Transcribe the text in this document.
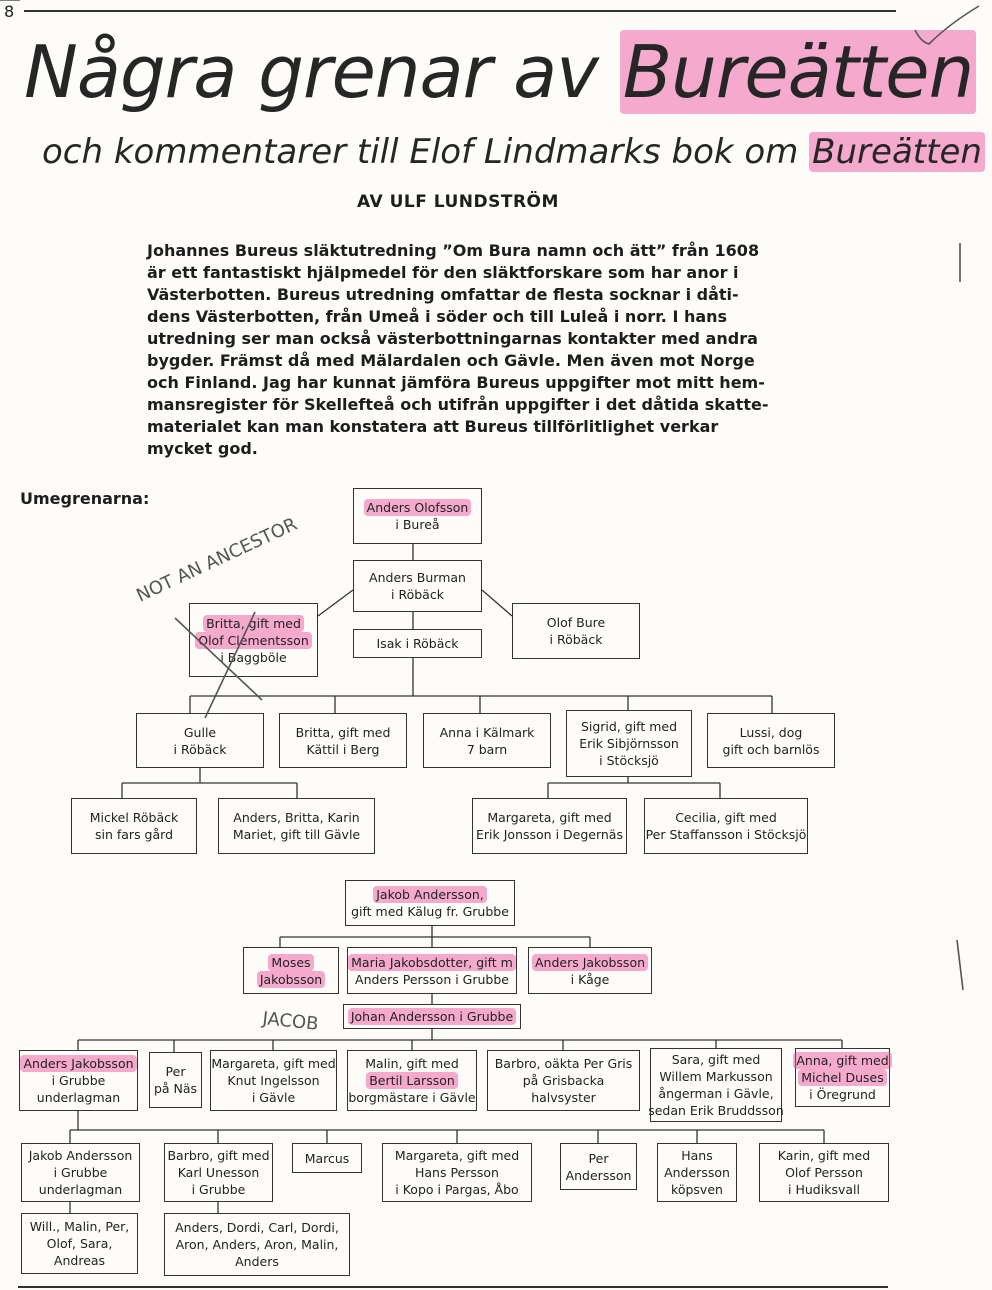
8
Några grenar av Bureätten
och kommentarer till Elof Lindmarks bok om Bureätten
AV ULF LUNDSTRÖM
Johannes Bureus släktutredning ”Om Bura namn och ätt” från 1608
är ett fantastiskt hjälpmedel för den släktforskare som har anor i
Västerbotten. Bureus utredning omfattar de flesta socknar i dåti-
dens Västerbotten, från Umeå i söder och till Luleå i norr. I hans
utredning ser man också västerbottningarnas kontakter med andra
bygder. Främst då med Mälardalen och Gävle. Men även mot Norge
och Finland. Jag har kunnat jämföra Bureus uppgifter mot mitt hem-
mansregister för Skellefteå och utifrån uppgifter i det dåtida skatte-
materialet kan man konstatera att Bureus tillförlitlighet verkar
mycket god.
Umegrenarna:	Anders Olofsson
i Bureå
Anders Burman
i Röbäck
Britta, gift med
Olof Clementsson
i Baggböle
Isak i Röbäck
Olof Bure
i Röbäck
Gulle
i Röbäck
Britta, gift med
Kättil i Berg
Anna i Kälmark
7 barn
Sigrid, gift med
Erik Sibjörnsson
i Stöcksjö
Lussi, dog
gift och barnlös
Mickel Röbäck
sin fars gård
Anders, Britta, Karin
Mariet, gift till Gävle
Margareta, gift med
Erik Jonsson i Degernäs
Cecilia, gift med
Per Staffansson i Stöcksjö
Jakob Andersson,
gift med Kälug fr. Grubbe
Moses
Jakobsson
Maria Jakobsdotter, gift m
Anders Persson i Grubbe
Anders Jakobsson
i Kåge
Johan Andersson i Grubbe
Anders Jakobsson
i Grubbe
underlagman
Per
på Näs
Margareta, gift med
Knut Ingelsson
i Gävle
Malin, gift med
Bertil Larsson
borgmästare i Gävle
Barbro, oäkta Per Gris
på Grisbacka
halvsyster
Sara, gift med
Willem Markusson
ångerman i Gävle,
sedan Erik Bruddsson
Anna, gift med
Michel Duses
i Öregrund
Jakob Andersson
i Grubbe
underlagman
Barbro, gift med
Karl Unesson
i Grubbe
Marcus	Margareta, gift med
Hans Persson
i Kopo i Pargas, Åbo
Per
Andersson
Hans
Andersson
köpsven
Karin, gift med
Olof Persson
i Hudiksvall
Will., Malin, Per,
Olof, Sara,
Andreas
Anders, Dordi, Carl, Dordi,
Aron, Anders, Aron, Malin,
Anders
NOT AN ANCESTOR
JACOB
